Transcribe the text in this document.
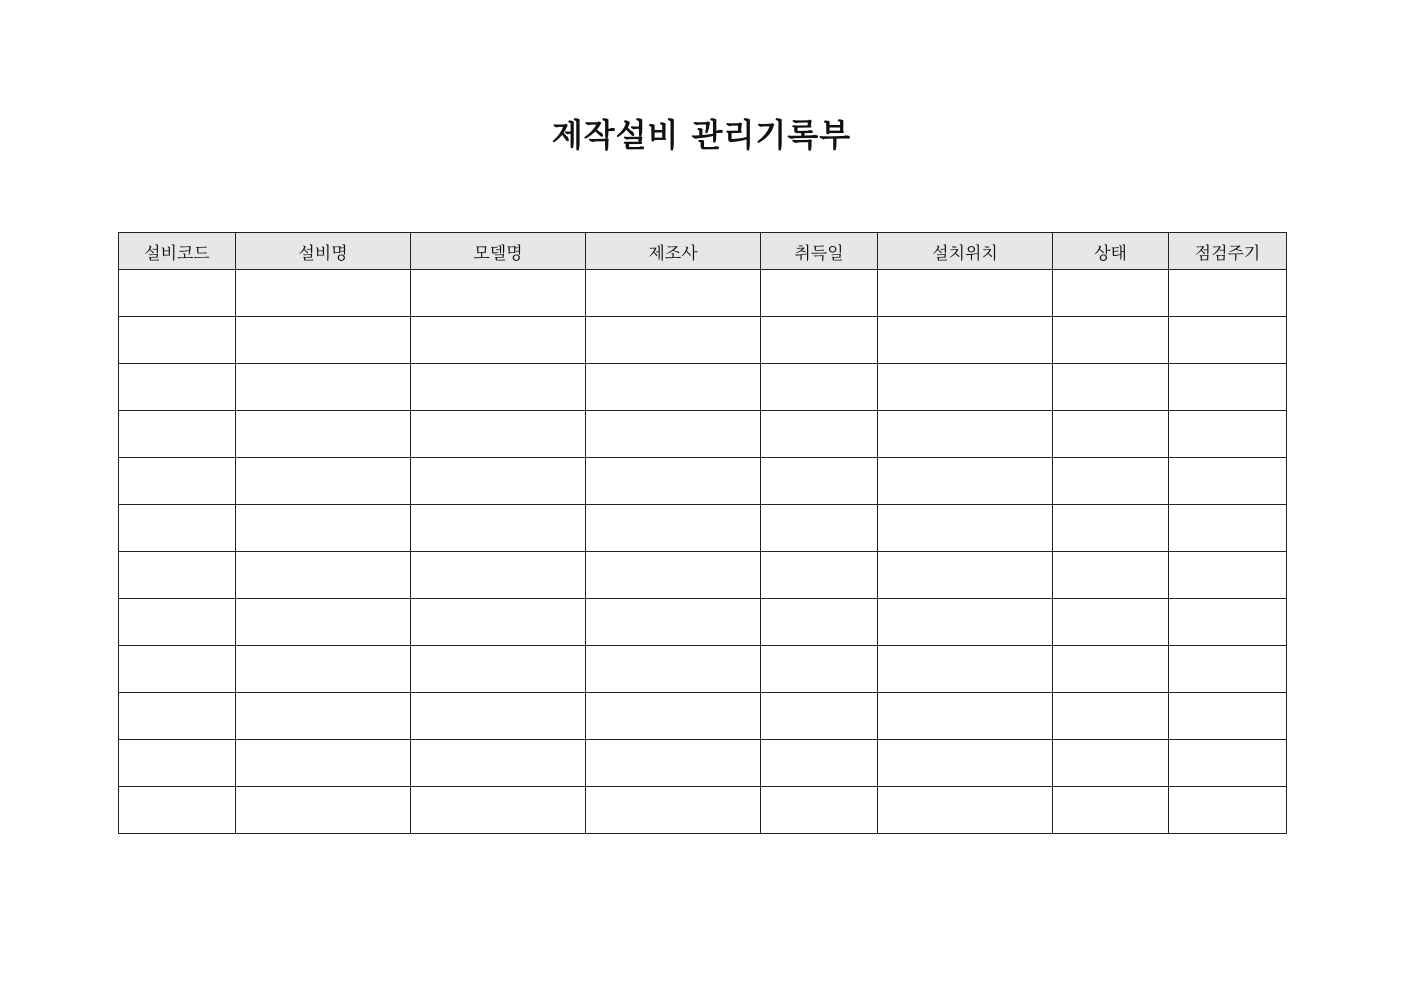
제작설비 관리기록부
설비코드	설비명	모델명	제조사	취득일	설치위치	상태	점검주기
